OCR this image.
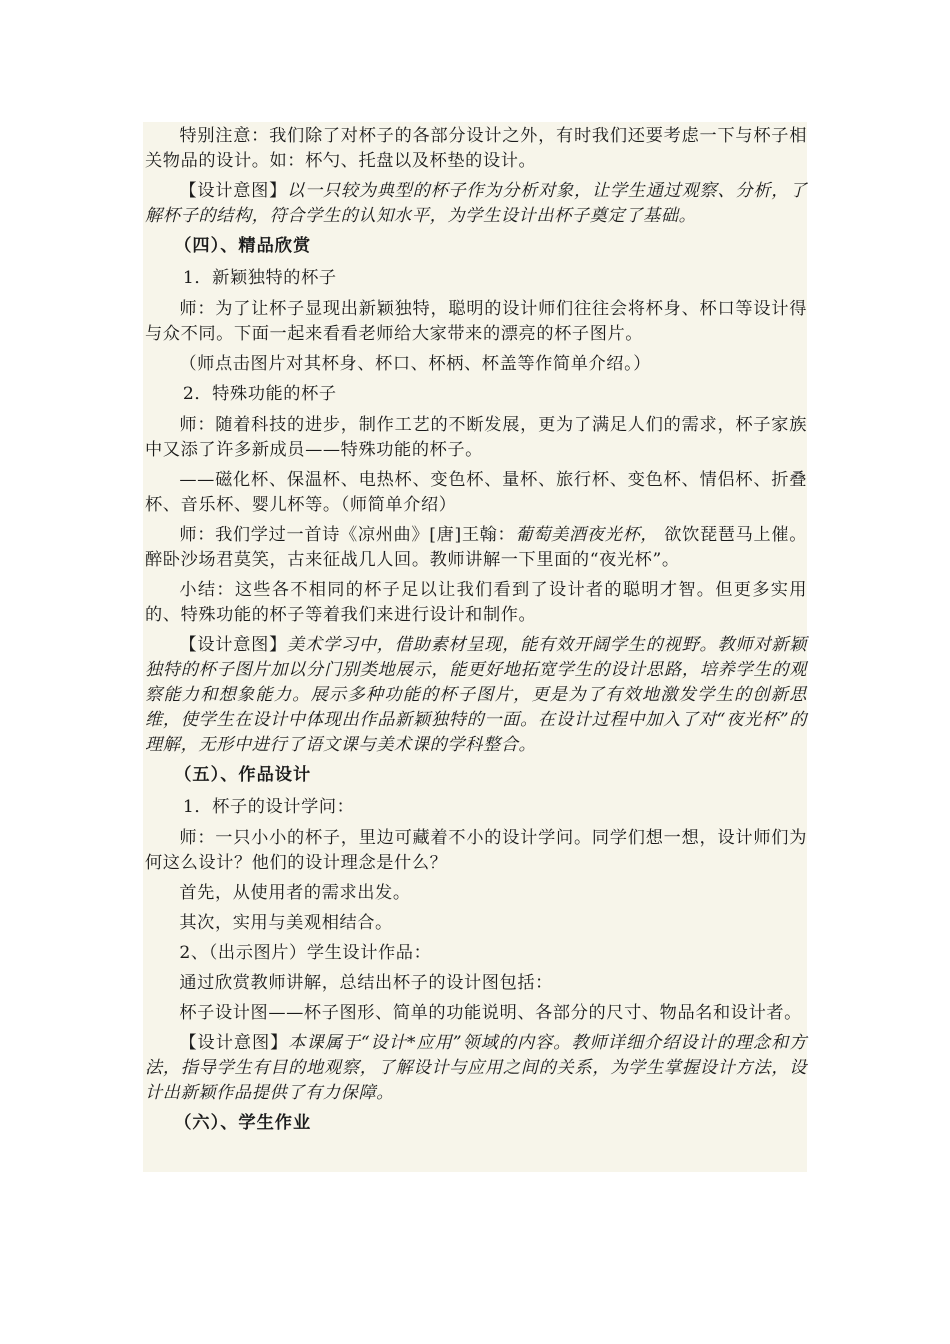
特别注意：我们除了对杯子的各部分设计之外，有时我们还要考虑一下与杯子相关物品的设计。如：杯勺、托盘以及杯垫的设计。

【设计意图】以一只较为典型的杯子作为分析对象，让学生通过观察、分析，了解杯子的结构，符合学生的认知水平，为学生设计出杯子奠定了基础。

（四）、精品欣赏

1．新颖独特的杯子

师：为了让杯子显现出新颖独特，聪明的设计师们往往会将杯身、杯口等设计得与众不同。下面一起来看看老师给大家带来的漂亮的杯子图片。

（师点击图片对其杯身、杯口、杯柄、杯盖等作简单介绍。）

2．特殊功能的杯子

师：随着科技的进步，制作工艺的不断发展，更为了满足人们的需求，杯子家族中又添了许多新成员——特殊功能的杯子。

——磁化杯、保温杯、电热杯、变色杯、量杯、旅行杯、变色杯、情侣杯、折叠杯、音乐杯、婴儿杯等。（师简单介绍）

师：我们学过一首诗《凉州曲》[唐]王翰：葡萄美酒夜光杯， 欲饮琵琶马上催。 醉卧沙场君莫笑，古来征战几人回。教师讲解一下里面的“夜光杯”。

小结：这些各不相同的杯子足以让我们看到了设计者的聪明才智。但更多实用的、特殊功能的杯子等着我们来进行设计和制作。

【设计意图】美术学习中，借助素材呈现，能有效开阔学生的视野。教师对新颖独特的杯子图片加以分门别类地展示，能更好地拓宽学生的设计思路，培养学生的观察能力和想象能力。展示多种功能的杯子图片，更是为了有效地激发学生的创新思维，使学生在设计中体现出作品新颖独特的一面。在设计过程中加入了对“夜光杯”的理解，无形中进行了语文课与美术课的学科整合。

（五）、作品设计

1．杯子的设计学问：

师：一只小小的杯子，里边可藏着不小的设计学问。同学们想一想，设计师们为何这么设计？他们的设计理念是什么？

首先，从使用者的需求出发。

其次，实用与美观相结合。

2、（出示图片）学生设计作品：

通过欣赏教师讲解，总结出杯子的设计图包括：

杯子设计图——杯子图形、简单的功能说明、各部分的尺寸、物品名和设计者。

【设计意图】本课属于“设计*应用”领域的内容。教师详细介绍设计的理念和方法，指导学生有目的地观察，了解设计与应用之间的关系，为学生掌握设计方法，设计出新颖作品提供了有力保障。

（六）、学生作业
